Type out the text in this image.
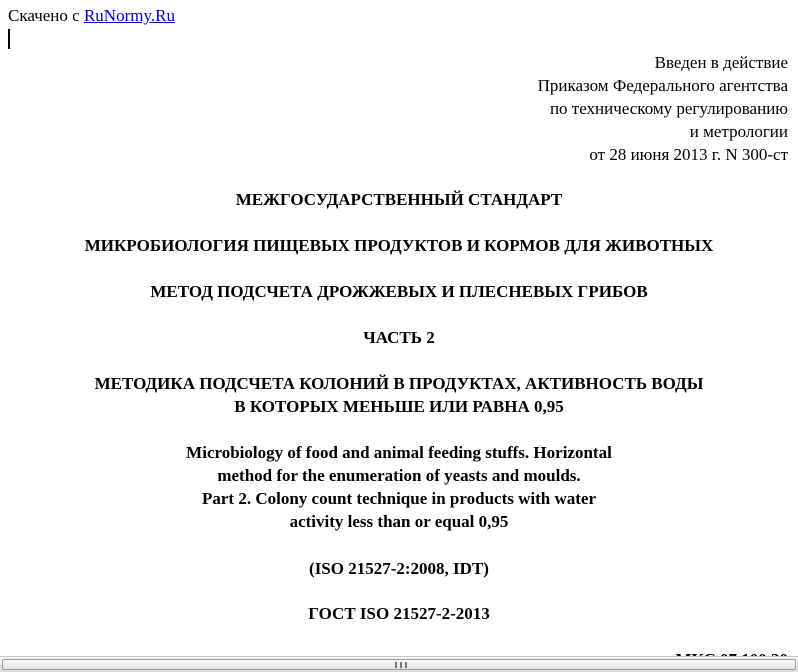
Скачено с RuNormy.Ru
Введен в действие
Приказом Федерального агентства
по техническому регулированию
и метрологии
от 28 июня 2013 г. N 300-ст
МЕЖГОСУДАРСТВЕННЫЙ СТАНДАРТ
МИКРОБИОЛОГИЯ ПИЩЕВЫХ ПРОДУКТОВ И КОРМОВ ДЛЯ ЖИВОТНЫХ
МЕТОД ПОДСЧЕТА ДРОЖЖЕВЫХ И ПЛЕСНЕВЫХ ГРИБОВ
ЧАСТЬ 2
МЕТОДИКА ПОДСЧЕТА КОЛОНИЙ В ПРОДУКТАХ, АКТИВНОСТЬ ВОДЫ
В КОТОРЫХ МЕНЬШЕ ИЛИ РАВНА 0,95
Microbiology of food and animal feeding stuffs. Horizontal
method for the enumeration of yeasts and moulds.
Part 2. Colony count technique in products with water
activity less than or equal 0,95
(ISO 21527-2:2008, IDT)
ГОСТ ISO 21527-2-2013
